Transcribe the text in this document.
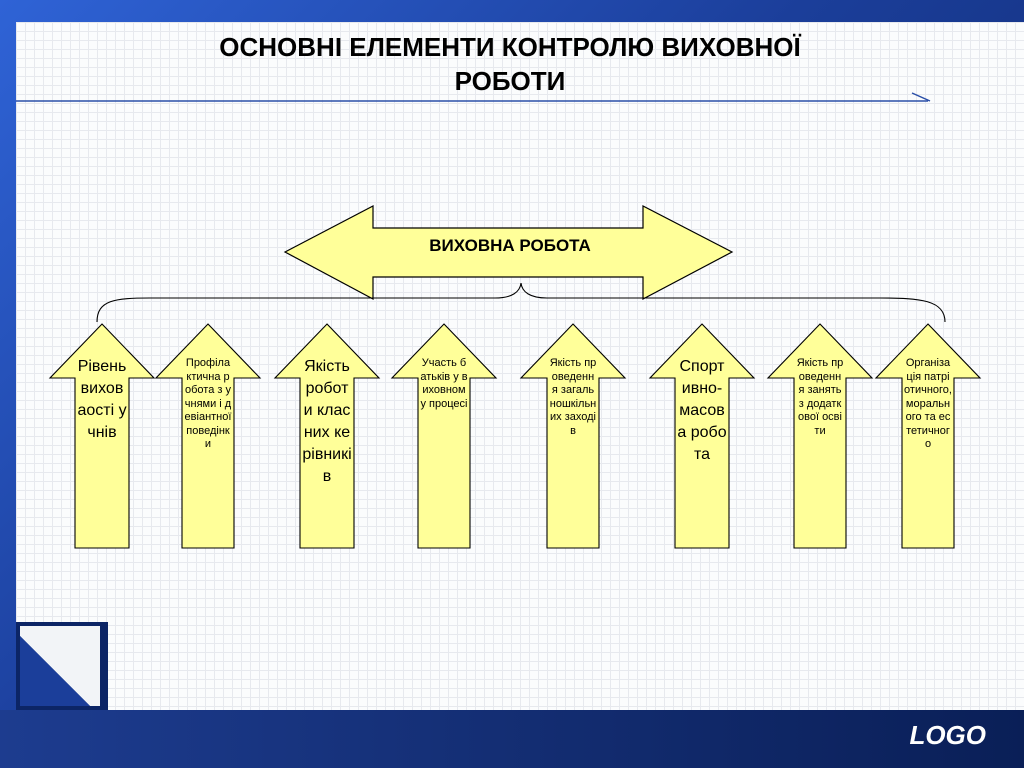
ОСНОВНІ ЕЛЕМЕНТИ КОНТРОЛЮ ВИХОВНОЇ
РОБОТИ
ВИХОВНА РОБОТА
Рівень виховаості учнів
Профілактична робота з учнями і девіантної поведінки
Якість роботи класних керівників
Участь батьків у виховному процесі
Якість проведення загальношкільних заходів
Спортивно-масова робота
Якість проведення занять з додаткової освіти
Організація патріотичного, морального та естетичного
LOGO
